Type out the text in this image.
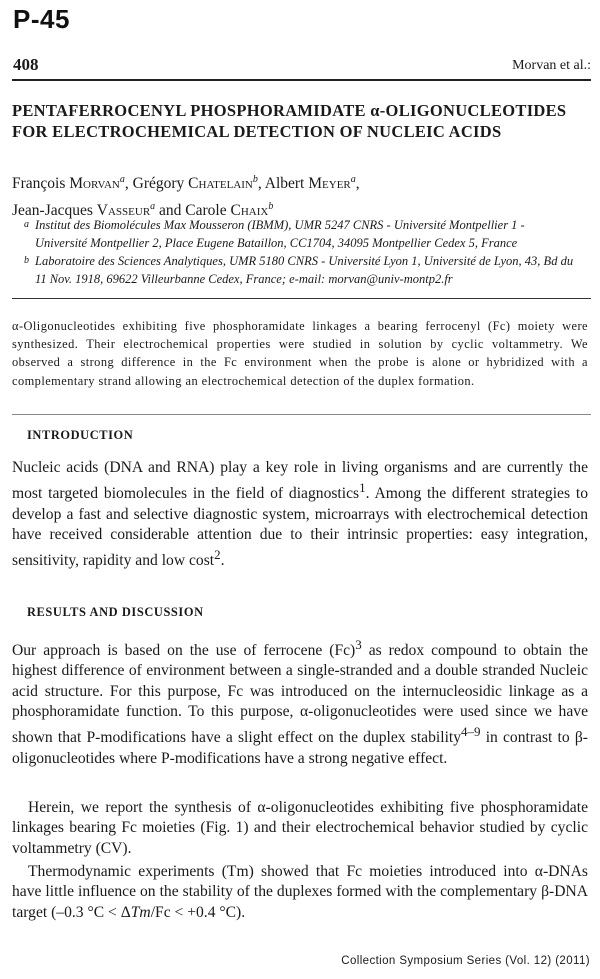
P-45
408	Morvan et al.:
PENTAFERROCENYL PHOSPHORAMIDATE α-OLIGONUCLEOTIDES
FOR ELECTROCHEMICAL DETECTION OF NUCLEIC ACIDS
François Morvan$^a$, Grégory Chatelain$^b$, Albert Meyer$^a$,
Jean-Jacques Vasseur$^a$ and Carole Chaix$^b$
a Institut des Biomolécules Max Mousseron (IBMM), UMR 5247 CNRS - Université Montpellier 1 - Université Montpellier 2, Place Eugene Bataillon, CC1704, 34095 Montpellier Cedex 5, France
b Laboratoire des Sciences Analytiques, UMR 5180 CNRS - Université Lyon 1, Université de Lyon, 43, Bd du 11 Nov. 1918, 69622 Villeurbanne Cedex, France; e-mail: morvan@univ-montp2.fr
α-Oligonucleotides exhibiting five phosphoramidate linkages a bearing ferrocenyl (Fc) moiety were synthesized. Their electrochemical properties were studied in solution by cyclic voltammetry. We observed a strong difference in the Fc environment when the probe is alone or hybridized with a complementary strand allowing an electrochemical detection of the duplex formation.
INTRODUCTION
Nucleic acids (DNA and RNA) play a key role in living organisms and are currently the most targeted biomolecules in the field of diagnostics$^1$. Among the different strategies to develop a fast and selective diagnostic system, microarrays with electrochemical detection have received considerable attention due to their intrinsic properties: easy integration, sensitivity, rapidity and low cost$^2$.
RESULTS AND DISCUSSION
Our approach is based on the use of ferrocene $(Fc)^3$ as redox compound to obtain the highest difference of environment between a single-stranded and a double stranded Nucleic acid structure. For this purpose, Fc was introduced on the internucleosidic linkage as a phosphoramidate function. To this purpose, α-oligonucleotides were used since we have shown that P-modifications have a slight effect on the duplex stability$^{4-9}$ in contrast to β-oligonucleotides where P-modifications have a strong negative effect.
Herein, we report the synthesis of α-oligonucleotides exhibiting five phosphoramidate linkages bearing Fc moieties (Fig. 1) and their electrochemical behavior studied by cyclic voltammetry (CV).
Thermodynamic experiments (Tm) showed that Fc moieties introduced into α-DNAs have little influence on the stability of the duplexes formed with the complementary β-DNA target (–0.3 °C < ΔTm/Fc < +0.4 °C).
Collection Symposium Series (Vol. 12) (2011)
